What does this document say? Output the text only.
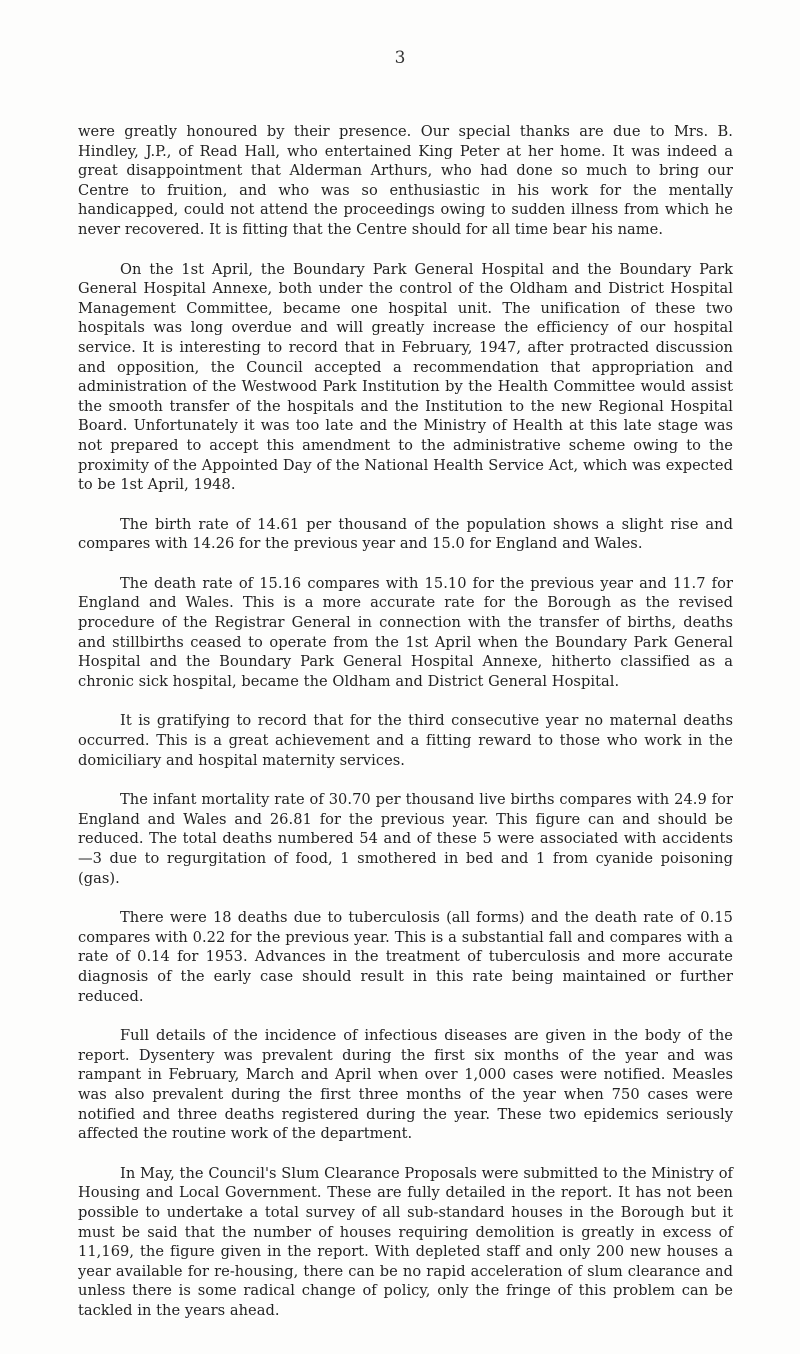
3

were greatly honoured by their presence. Our special thanks are due to Mrs. B. Hindley, J.P., of Read Hall, who entertained King Peter at her home. It was indeed a great disappointment that Alderman Arthurs, who had done so much to bring our Centre to fruition, and who was so enthusiastic in his work for the mentally handicapped, could not attend the proceedings owing to sudden illness from which he never recovered. It is fitting that the Centre should for all time bear his name.

On the 1st April, the Boundary Park General Hospital and the Boundary Park General Hospital Annexe, both under the control of the Oldham and District Hospital Management Committee, became one hospital unit. The unification of these two hospitals was long overdue and will greatly increase the efficiency of our hospital service. It is interesting to record that in February, 1947, after protracted discussion and opposition, the Council accepted a recommendation that appropriation and administration of the Westwood Park Institution by the Health Committee would assist the smooth transfer of the hospitals and the Institution to the new Regional Hospital Board. Unfortunately it was too late and the Ministry of Health at this late stage was not prepared to accept this amendment to the administrative scheme owing to the proximity of the Appointed Day of the National Health Service Act, which was expected to be 1st April, 1948.

The birth rate of 14.61 per thousand of the population shows a slight rise and compares with 14.26 for the previous year and 15.0 for England and Wales.

The death rate of 15.16 compares with 15.10 for the previous year and 11.7 for England and Wales. This is a more accurate rate for the Borough as the revised procedure of the Registrar General in connection with the transfer of births, deaths and stillbirths ceased to operate from the 1st April when the Boundary Park General Hospital and the Boundary Park General Hospital Annexe, hitherto classified as a chronic sick hospital, became the Oldham and District General Hospital.

It is gratifying to record that for the third consecutive year no maternal deaths occurred. This is a great achievement and a fitting reward to those who work in the domiciliary and hospital maternity services.

The infant mortality rate of 30.70 per thousand live births compares with 24.9 for England and Wales and 26.81 for the previous year. This figure can and should be reduced. The total deaths numbered 54 and of these 5 were associated with accidents—3 due to regurgitation of food, 1 smothered in bed and 1 from cyanide poisoning (gas).

There were 18 deaths due to tuberculosis (all forms) and the death rate of 0.15 compares with 0.22 for the previous year. This is a substantial fall and compares with a rate of 0.14 for 1953. Advances in the treatment of tuberculosis and more accurate diagnosis of the early case should result in this rate being maintained or further reduced.

Full details of the incidence of infectious diseases are given in the body of the report. Dysentery was prevalent during the first six months of the year and was rampant in February, March and April when over 1,000 cases were notified. Measles was also prevalent during the first three months of the year when 750 cases were notified and three deaths registered during the year. These two epidemics seriously affected the routine work of the department.

In May, the Council's Slum Clearance Proposals were submitted to the Ministry of Housing and Local Government. These are fully detailed in the report. It has not been possible to undertake a total survey of all sub-standard houses in the Borough but it must be said that the number of houses requiring demolition is greatly in excess of 11,169, the figure given in the report. With depleted staff and only 200 new houses a year available for re-housing, there can be no rapid acceleration of slum clearance and unless there is some radical change of policy, only the fringe of this problem can be tackled in the years ahead.
